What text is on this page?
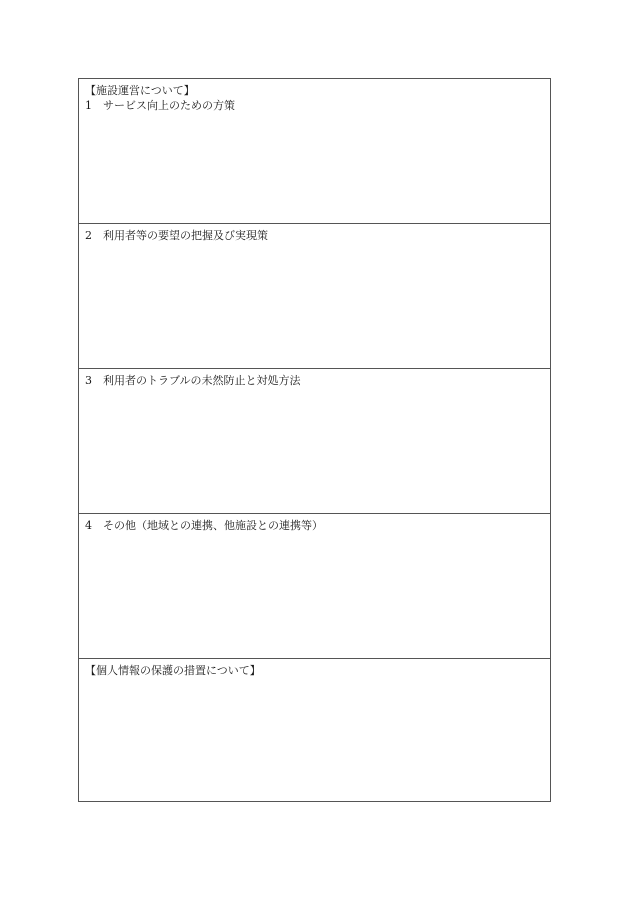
【施設運営について】
1 サービス向上のための方策
2 利用者等の要望の把握及び実現策
3 利用者のトラブルの未然防止と対処方法
4 その他（地域との連携、他施設との連携等）
【個人情報の保護の措置について】
